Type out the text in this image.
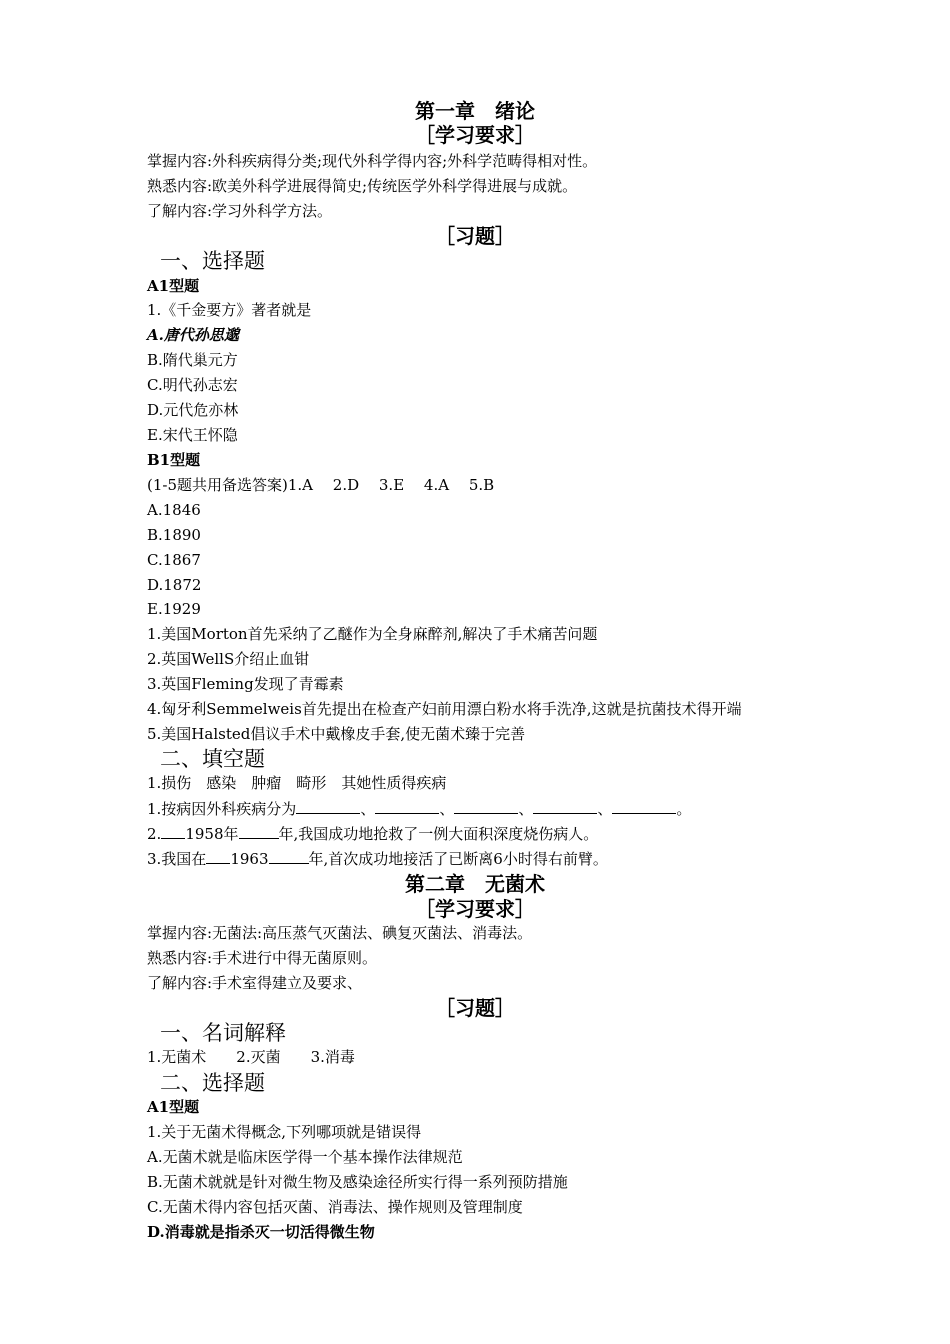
第一章　绪论
［学习要求］
掌握内容:外科疾病得分类;现代外科学得内容;外科学范畴得相对性。
熟悉内容:欧美外科学进展得简史;传统医学外科学得进展与成就。
了解内容:学习外科学方法。
［习题］
一、选择题
A1型题
1.《千金要方》著者就是
A.唐代孙思邈
B.隋代巢元方
C.明代孙志宏
D.元代危亦林
E.宋代王怀隐
B1型题
(1-5题共用备选答案)1.A　 2.D　 3.E　 4.A　 5.B
A.1846
B.1890
C.1867
D.1872
E.1929
1.美国Morton首先采纳了乙醚作为全身麻醉剂,解决了手术痛苦问题
2.英国WellS介绍止血钳
3.英国Fleming发现了青霉素
4.匈牙利Semmelweis首先提出在检查产妇前用漂白粉水将手洗净,这就是抗菌技术得开端
5.美国Halsted倡议手术中戴橡皮手套,使无菌术臻于完善
二、填空题
1.损伤　感染　肿瘤　畸形　其她性质得疾病
1.按病因外科疾病分为	、	、	、	、	。
2. 1958年	年,我国成功地抢救了一例大面积深度烧伤病人。
3.我国在 1963	年,首次成功地接活了已断离6小时得右前臂。
第二章　无菌术
［学习要求］
掌握内容:无菌法:高压蒸气灭菌法、碘复灭菌法、消毒法。
熟悉内容:手术进行中得无菌原则。
了解内容:手术室得建立及要求、
［习题］
一、名词解释
1.无菌术　　2.灭菌　　3.消毒
二、选择题
A1型题
1.关于无菌术得概念,下列哪项就是错误得
A.无菌术就是临床医学得一个基本操作法律规范
B.无菌术就就是针对微生物及感染途径所实行得一系列预防措施
C.无菌术得内容包括灭菌、消毒法、操作规则及管理制度
D.消毒就是指杀灭一切活得微生物
